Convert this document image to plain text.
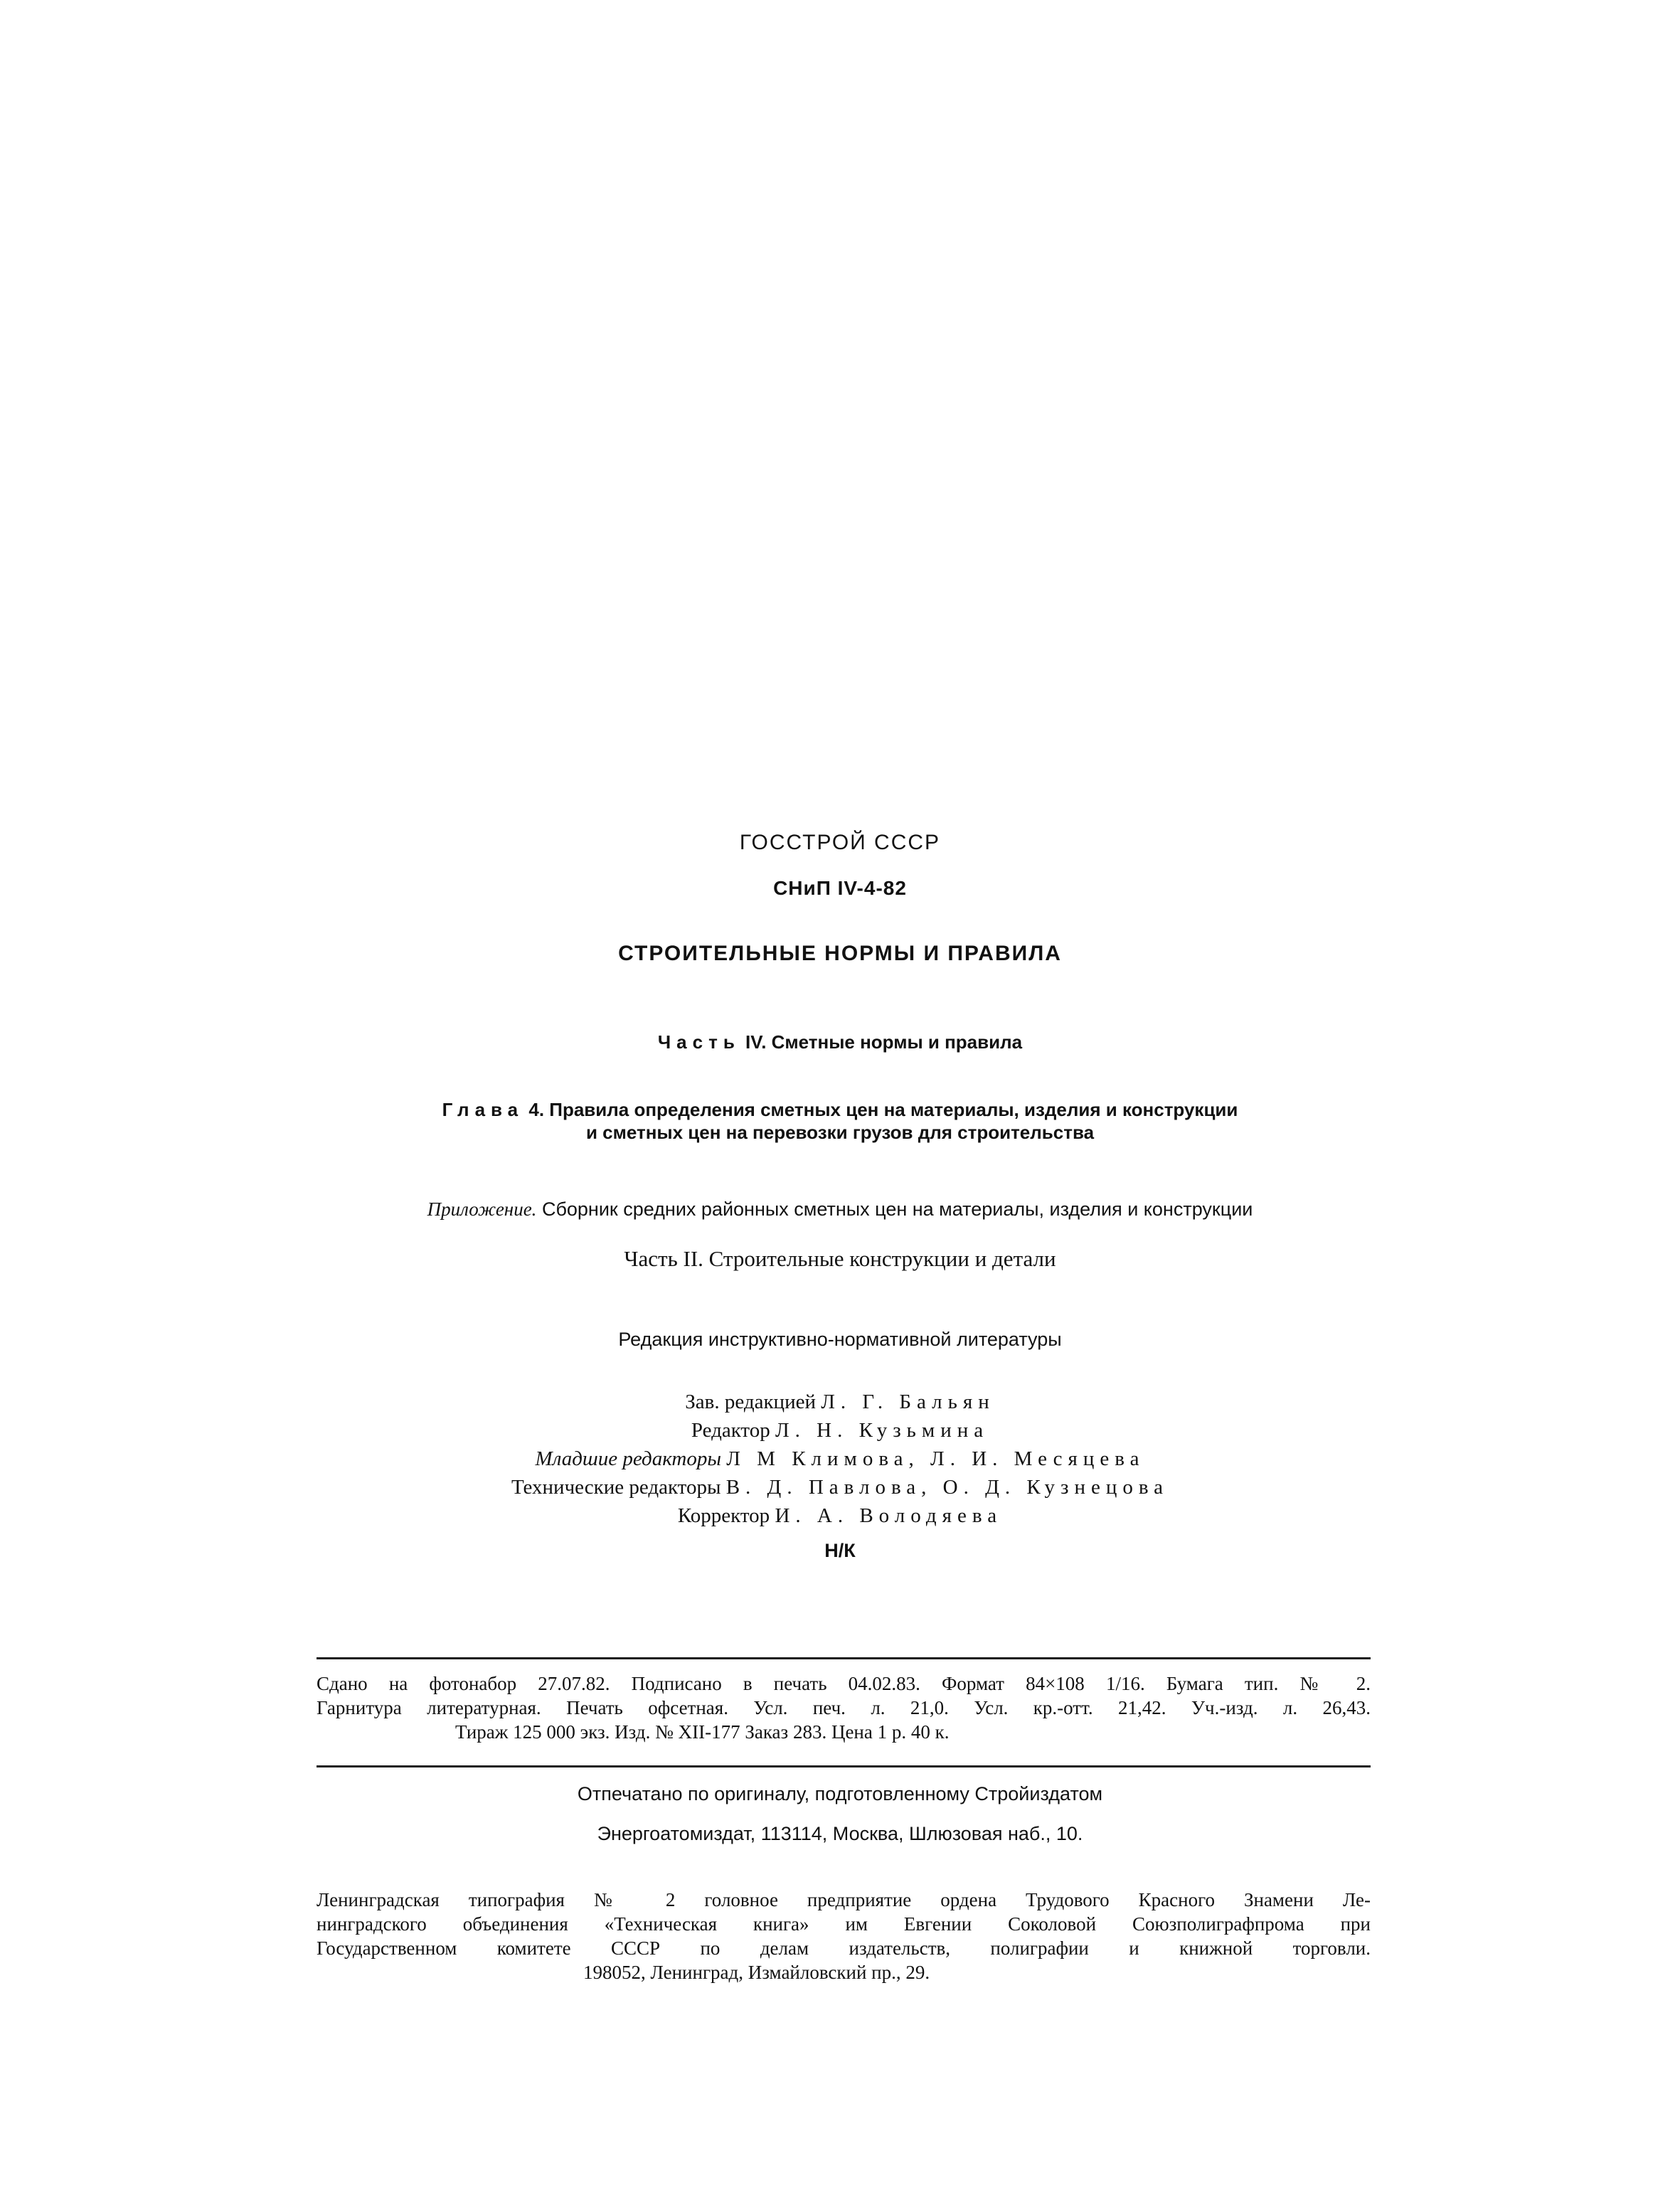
ГОССТРОЙ СССР
СНиП IV-4-82
СТРОИТЕЛЬНЫЕ НОРМЫ И ПРАВИЛА
Часть IV. Сметные нормы и правила
Глава 4. Правила определения сметных цен на материалы, изделия и конструкции
и сметных цен на перевозки грузов для строительства
Приложение. Сборник средних районных сметных цен на материалы, изделия и конструкции
Часть II. Строительные конструкции и детали
Редакция инструктивно-нормативной литературы
Зав. редакцией Л. Г. Бальян
Редактор Л. Н. Кузьмина
Младшие редакторы Л М Климова, Л. И. Месяцева
Технические редакторы В. Д. Павлова, О. Д. Кузнецова
Корректор И. А. Володяева
Н/К
Сдано на фотонабор 27.07.82. Подписано в печать 04.02.83. Формат 84×108 1/16. Бумага тип. № 2.
Гарнитура литературная. Печать офсетная. Усл. печ. л. 21,0. Усл. кр.-отт. 21,42. Уч.-изд. л. 26,43.
Тираж 125 000 экз. Изд. № XII-177 Заказ 283. Цена 1 р. 40 к.
Отпечатано по оригиналу, подготовленному Стройиздатом
Энергоатомиздат, 113114, Москва, Шлюзовая наб., 10.
Ленинградская типография № 2 головное предприятие ордена Трудового Красного Знамени Ле-
нинградского объединения «Техническая книга» им Евгении Соколовой Союзполиграфпрома при
Государственном комитете СССР по делам издательств, полиграфии и книжной торговли.
198052, Ленинград, Измайловский пр., 29.
